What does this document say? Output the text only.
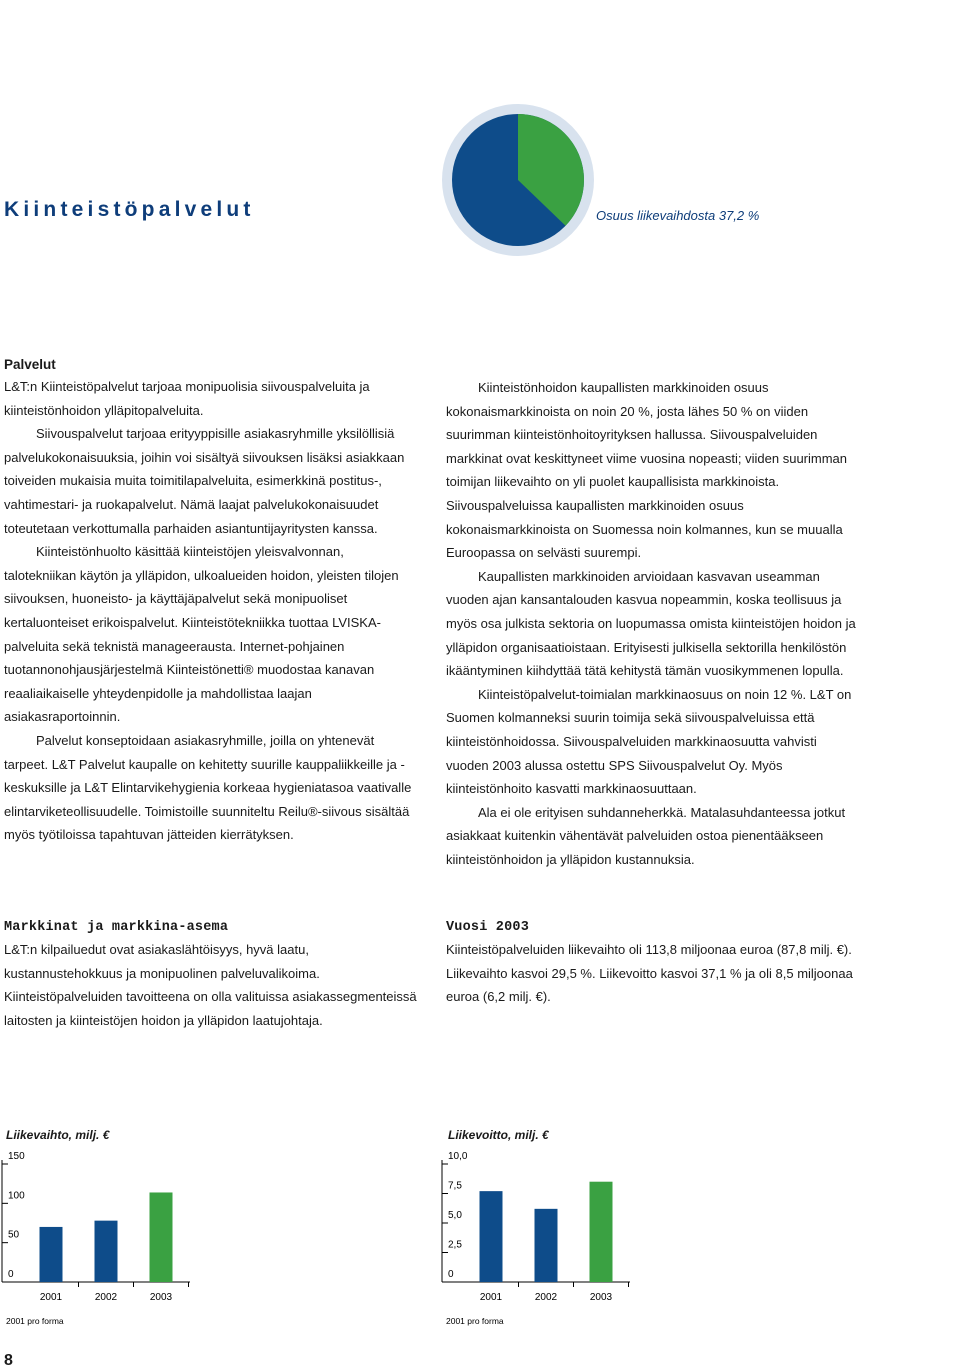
Kiinteistöpalvelut	Osuus liikevaihdosta 37,2 %
Palvelut

L&T:n Kiinteistöpalvelut tarjoaa monipuolisia siivouspalveluita ja kiinteistönhoidon ylläpitopalveluita.

Siivouspalvelut tarjoaa erityyppisille asiakasryhmille yksilöllisiä palvelukokonaisuuksia, joihin voi sisältyä siivouksen lisäksi asiakkaan toiveiden mukaisia muita toimitilapalveluita, esimerkkinä postitus-, vahtimestari- ja ruokapalvelut. Nämä laajat palvelukokonaisuudet toteutetaan verkottumalla parhaiden asiantuntijayritysten kanssa.

Kiinteistönhuolto käsittää kiinteistöjen yleisvalvonnan, talotekniikan käytön ja ylläpidon, ulkoalueiden hoidon, yleisten tilojen siivouksen, huoneisto- ja käyttäjäpalvelut sekä monipuoliset kertaluonteiset erikoispalvelut. Kiinteistötekniikka tuottaa LVISKA-palveluita sekä teknistä manageerausta. Internet-pohjainen tuotannonohjausjärjestelmä Kiinteistönetti® muodostaa kanavan reaaliaikaiselle yhteydenpidolle ja mahdollistaa laajan asiakasraportoinnin.

Palvelut konseptoidaan asiakasryhmille, joilla on yhtenevät tarpeet. L&T Palvelut kaupalle on kehitetty suurille kauppaliikkeille ja -keskuksille ja L&T Elintarvikehygienia korkeaa hygieniatasoa vaativalle elintarviketeollisuudelle. Toimistoille suunniteltu Reilu®-siivous sisältää myös työtiloissa tapahtuvan jätteiden kierrätyksen.

Kiinteistönhoidon kaupallisten markkinoiden osuus kokonaismarkkinoista on noin 20 %, josta lähes 50 % on viiden suurimman kiinteistönhoitoyrityksen hallussa. Siivouspalveluiden markkinat ovat keskittyneet viime vuosina nopeasti; viiden suurimman toimijan liikevaihto on yli puolet kaupallisista markkinoista. Siivouspalveluissa kaupallisten markkinoiden osuus kokonaismarkkinoista on Suomessa noin kolmannes, kun se muualla Euroopassa on selvästi suurempi.

Kaupallisten markkinoiden arvioidaan kasvavan useamman vuoden ajan kansantalouden kasvua nopeammin, koska teollisuus ja myös osa julkista sektoria on luopumassa omista kiinteistöjen hoidon ja ylläpidon organisaatioistaan. Erityisesti julkisella sektorilla henkilöstön ikääntyminen kiihdyttää tätä kehitystä tämän vuosikymmenen lopulla.

Kiinteistöpalvelut-toimialan markkinaosuus on noin 12 %. L&T on Suomen kolmanneksi suurin toimija sekä siivouspalveluissa että kiinteistönhoidossa. Siivouspalveluiden markkinaosuutta vahvisti vuoden 2003 alussa ostettu SPS Siivouspalvelut Oy. Myös kiinteistönhoito kasvatti markkinaosuuttaan.

Ala ei ole erityisen suhdanneherkkä. Matalasuhdanteessa jotkut asiakkaat kuitenkin vähentävät palveluiden ostoa pienentääkseen kiinteistönhoidon ja ylläpidon kustannuksia.

Markkinat ja markkina-asema

L&T:n kilpailuedut ovat asiakaslähtöisyys, hyvä laatu, kustannustehokkuus ja monipuolinen palveluvalikoima. Kiinteistöpalveluiden tavoitteena on olla valituissa asiakassegmenteissä laitosten ja kiinteistöjen hoidon ja ylläpidon laatujohtaja.

Vuosi 2003

Kiinteistöpalveluiden liikevaihto oli 113,8 miljoonaa euroa (87,8 milj. €). Liikevaihto kasvoi 29,5 %. Liikevoitto kasvoi 37,1 % ja oli 8,5 miljoonaa euroa (6,2 milj. €).

Liikevaihto, milj. €
0
50
100
150
2001	2002	2003
2001 pro forma
Liikevoitto, milj. €
0
2,5
5,0
7,5
10,0
2001	2002	2003
2001 pro forma
8
